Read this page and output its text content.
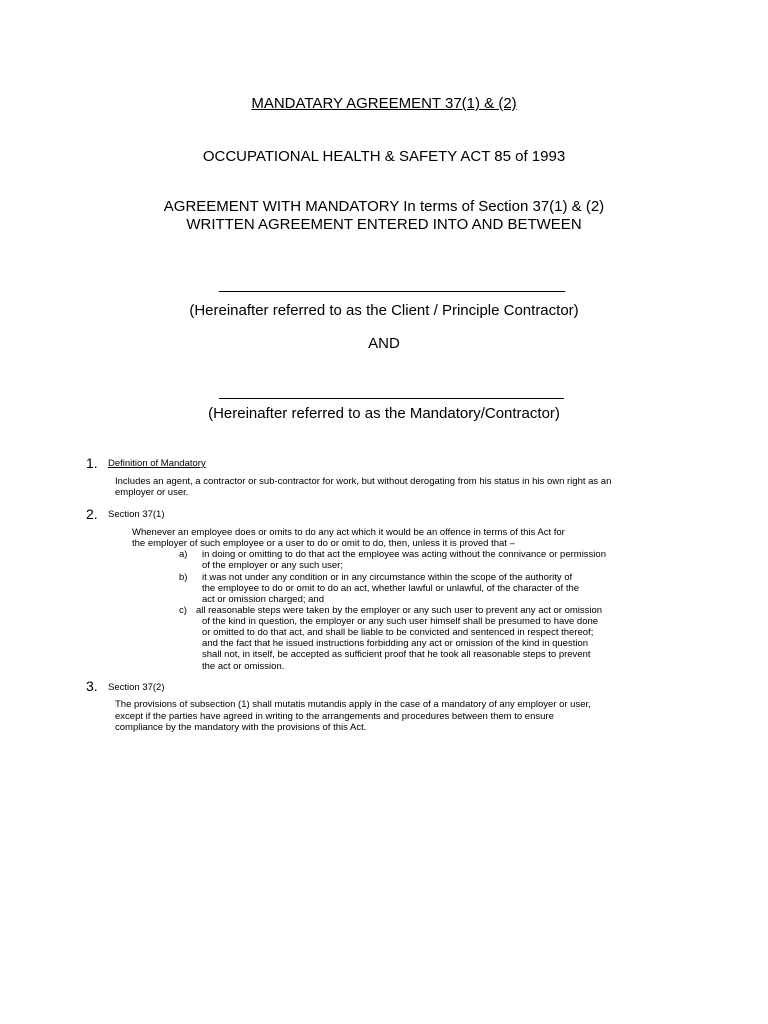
MANDATARY AGREEMENT 37(1) & (2)
OCCUPATIONAL HEALTH & SAFETY ACT 85 of 1993
AGREEMENT WITH MANDATORY In terms of Section 37(1) & (2)
WRITTEN AGREEMENT ENTERED INTO AND BETWEEN
(Hereinafter referred to as the Client / Principle Contractor)
AND
(Hereinafter referred to as the Mandatory/Contractor)
1. Definition of Mandatory
Includes an agent, a contractor or sub-contractor for work, but without derogating from his status in his own right as an
employer or user.
2. Section 37(1)
Whenever an employee does or omits to do any act which it would be an offence in terms of this Act for
the employer of such employee or a user to do or omit to do, then, unless it is proved that –
a) in doing or omitting to do that act the employee was acting without the connivance or permission
of the employer or any such user;
b) it was not under any condition or in any circumstance within the scope of the authority of
the employee to do or omit to do an act, whether lawful or unlawful, of the character of the
act or omission charged; and
c) all reasonable steps were taken by the employer or any such user to prevent any act or omission
of the kind in question, the employer or any such user himself shall be presumed to have done
or omitted to do that act, and shall be liable to be convicted and sentenced in respect thereof;
and the fact that he issued instructions forbidding any act or omission of the kind in question
shall not, in itself, be accepted as sufficient proof that he took all reasonable steps to prevent
the act or omission.
3. Section 37(2)
The provisions of subsection (1) shall mutatis mutandis apply in the case of a mandatory of any employer or user,
except if the parties have agreed in writing to the arrangements and procedures between them to ensure
compliance by the mandatory with the provisions of this Act.
